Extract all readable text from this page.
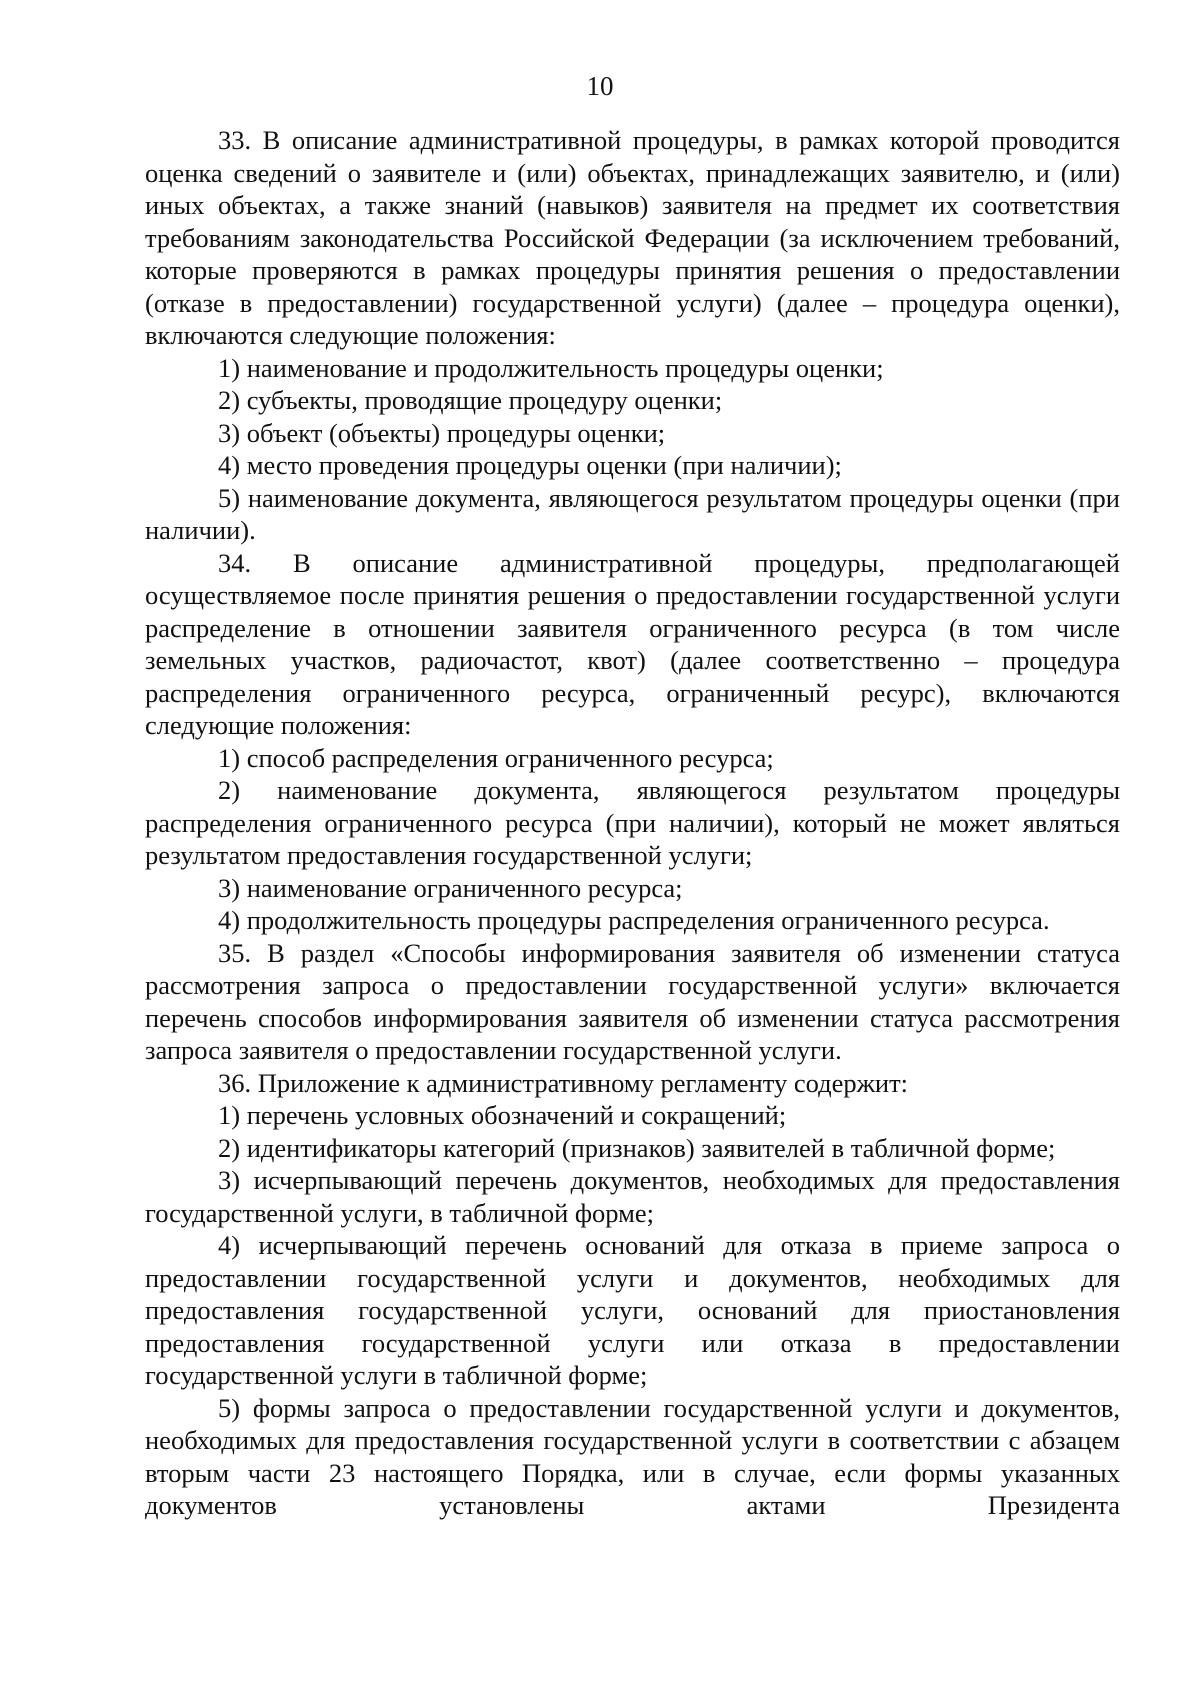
10

33. В описание административной процедуры, в рамках которой проводится оценка сведений о заявителе и (или) объектах, принадлежащих заявителю, и (или) иных объектах, а также знаний (навыков) заявителя на предмет их соответствия требованиям законодательства Российской Федерации (за исключением требований, которые проверяются в рамках процедуры принятия решения о предоставлении (отказе в предоставлении) государственной услуги) (далее – процедура оценки), включаются следующие положения:

1) наименование и продолжительность процедуры оценки;

2) субъекты, проводящие процедуру оценки;

3) объект (объекты) процедуры оценки;

4) место проведения процедуры оценки (при наличии);

5) наименование документа, являющегося результатом процедуры оценки (при наличии).

34. В описание административной процедуры, предполагающей осуществляемое после принятия решения о предоставлении государственной услуги распределение в отношении заявителя ограниченного ресурса (в том числе земельных участков, радиочастот, квот) (далее соответственно – процедура распределения ограниченного ресурса, ограниченный ресурс), включаются следующие положения:

1) способ распределения ограниченного ресурса;

2) наименование документа, являющегося результатом процедуры распределения ограниченного ресурса (при наличии), который не может являться результатом предоставления государственной услуги;

3) наименование ограниченного ресурса;

4) продолжительность процедуры распределения ограниченного ресурса.

35. В раздел «Способы информирования заявителя об изменении статуса рассмотрения запроса о предоставлении государственной услуги» включается перечень способов информирования заявителя об изменении статуса рассмотрения запроса заявителя о предоставлении государственной услуги.

36. Приложение к административному регламенту содержит:

1) перечень условных обозначений и сокращений;

2) идентификаторы категорий (признаков) заявителей в табличной форме;

3) исчерпывающий перечень документов, необходимых для предоставления государственной услуги, в табличной форме;

4) исчерпывающий перечень оснований для отказа в приеме запроса о предоставлении государственной услуги и документов, необходимых для предоставления государственной услуги, оснований для приостановления предоставления государственной услуги или отказа в предоставлении государственной услуги в табличной форме;

5) формы запроса о предоставлении государственной услуги и документов, необходимых для предоставления государственной услуги в соответствии с абзацем вторым части 23 настоящего Порядка, или в случае, если формы указанных документов установлены актами Президента
